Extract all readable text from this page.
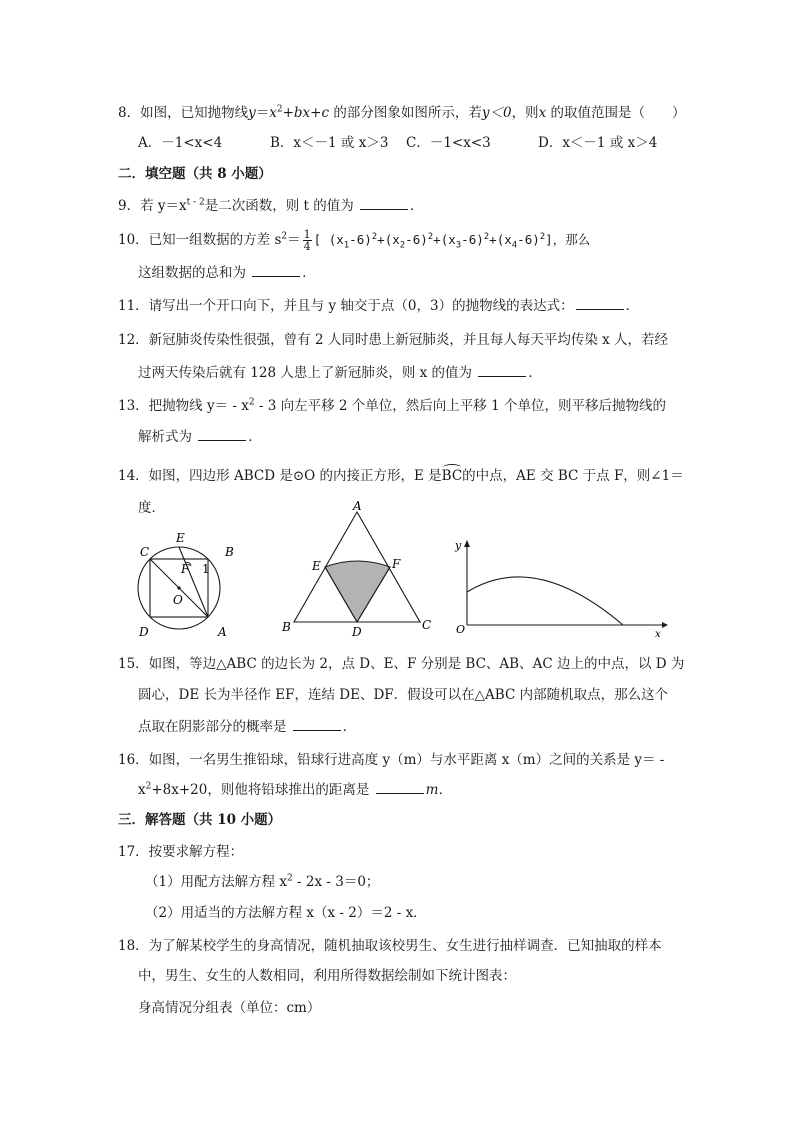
8．如图，已知抛物线$y=x^2+bx+c$ 的部分图象如图所示，若y＜0，则x 的取值范围是（　　）
A．－1<x<4	B．x＜－1 或 x＞3 C．－1<x<3	D．x＜－1 或 x＞4
二．填空题（共 8 小题）
9．若 $y=x^{t - 2}$是二次函数，则 t 的值为	．
10．已知一组数据的方差 $s^2= \frac{1}{4}$ [ $(x_1-6)^2+(x_2-6)^2+(x_3-6)^2+(x_4-6)^2$]，那么
这组数据的总和为	．
11．请写出一个开口向下，并且与 y 轴交于点（0，3）的抛物线的表达式：	．
12．新冠肺炎传染性很强，曾有 2 人同时患上新冠肺炎，并且每人每天平均传染 x 人，若经
过两天传染后就有 128 人患上了新冠肺炎，则 x 的值为	．
13．把抛物线 $y= - x^2 - 3$ 向左平移 2 个单位，然后向上平移 1 个单位，则平移后抛物线的
解析式为	．
14．如图，四边形 ABCD 是⊙O 的内接正方形，E 是BC的中点，AE 交 BC 于点 F，则∠1＝
度．
E
C	B
F 1
O
D	A
A
E	F
B	D	C
y
O	x
15．如图，等边△ABC 的边长为 2，点 D、E、F 分别是 BC、AB、AC 边上的中点，以 D 为
圆心，DE 长为半径作 EF，连结 DE、DF．假设可以在△ABC 内部随机取点，那么这个
点取在阴影部分的概率是	．
16．如图，一名男生推铅球，铅球行进高度 y（m）与水平距离 x（m）之间的关系是 y＝ -
$x^2+8x+20$，则他将铅球推出的距离是	m．
三．解答题（共 10 小题）
17．按要求解方程：
（1）用配方法解方程 $x^2 - 2x - 3=0$；
（2）用适当的方法解方程 x（x - 2）＝2 - x．
18．为了解某校学生的身高情况，随机抽取该校男生、女生进行抽样调查．已知抽取的样本
中，男生、女生的人数相同，利用所得数据绘制如下统计图表：
身高情况分组表（单位：cm）
